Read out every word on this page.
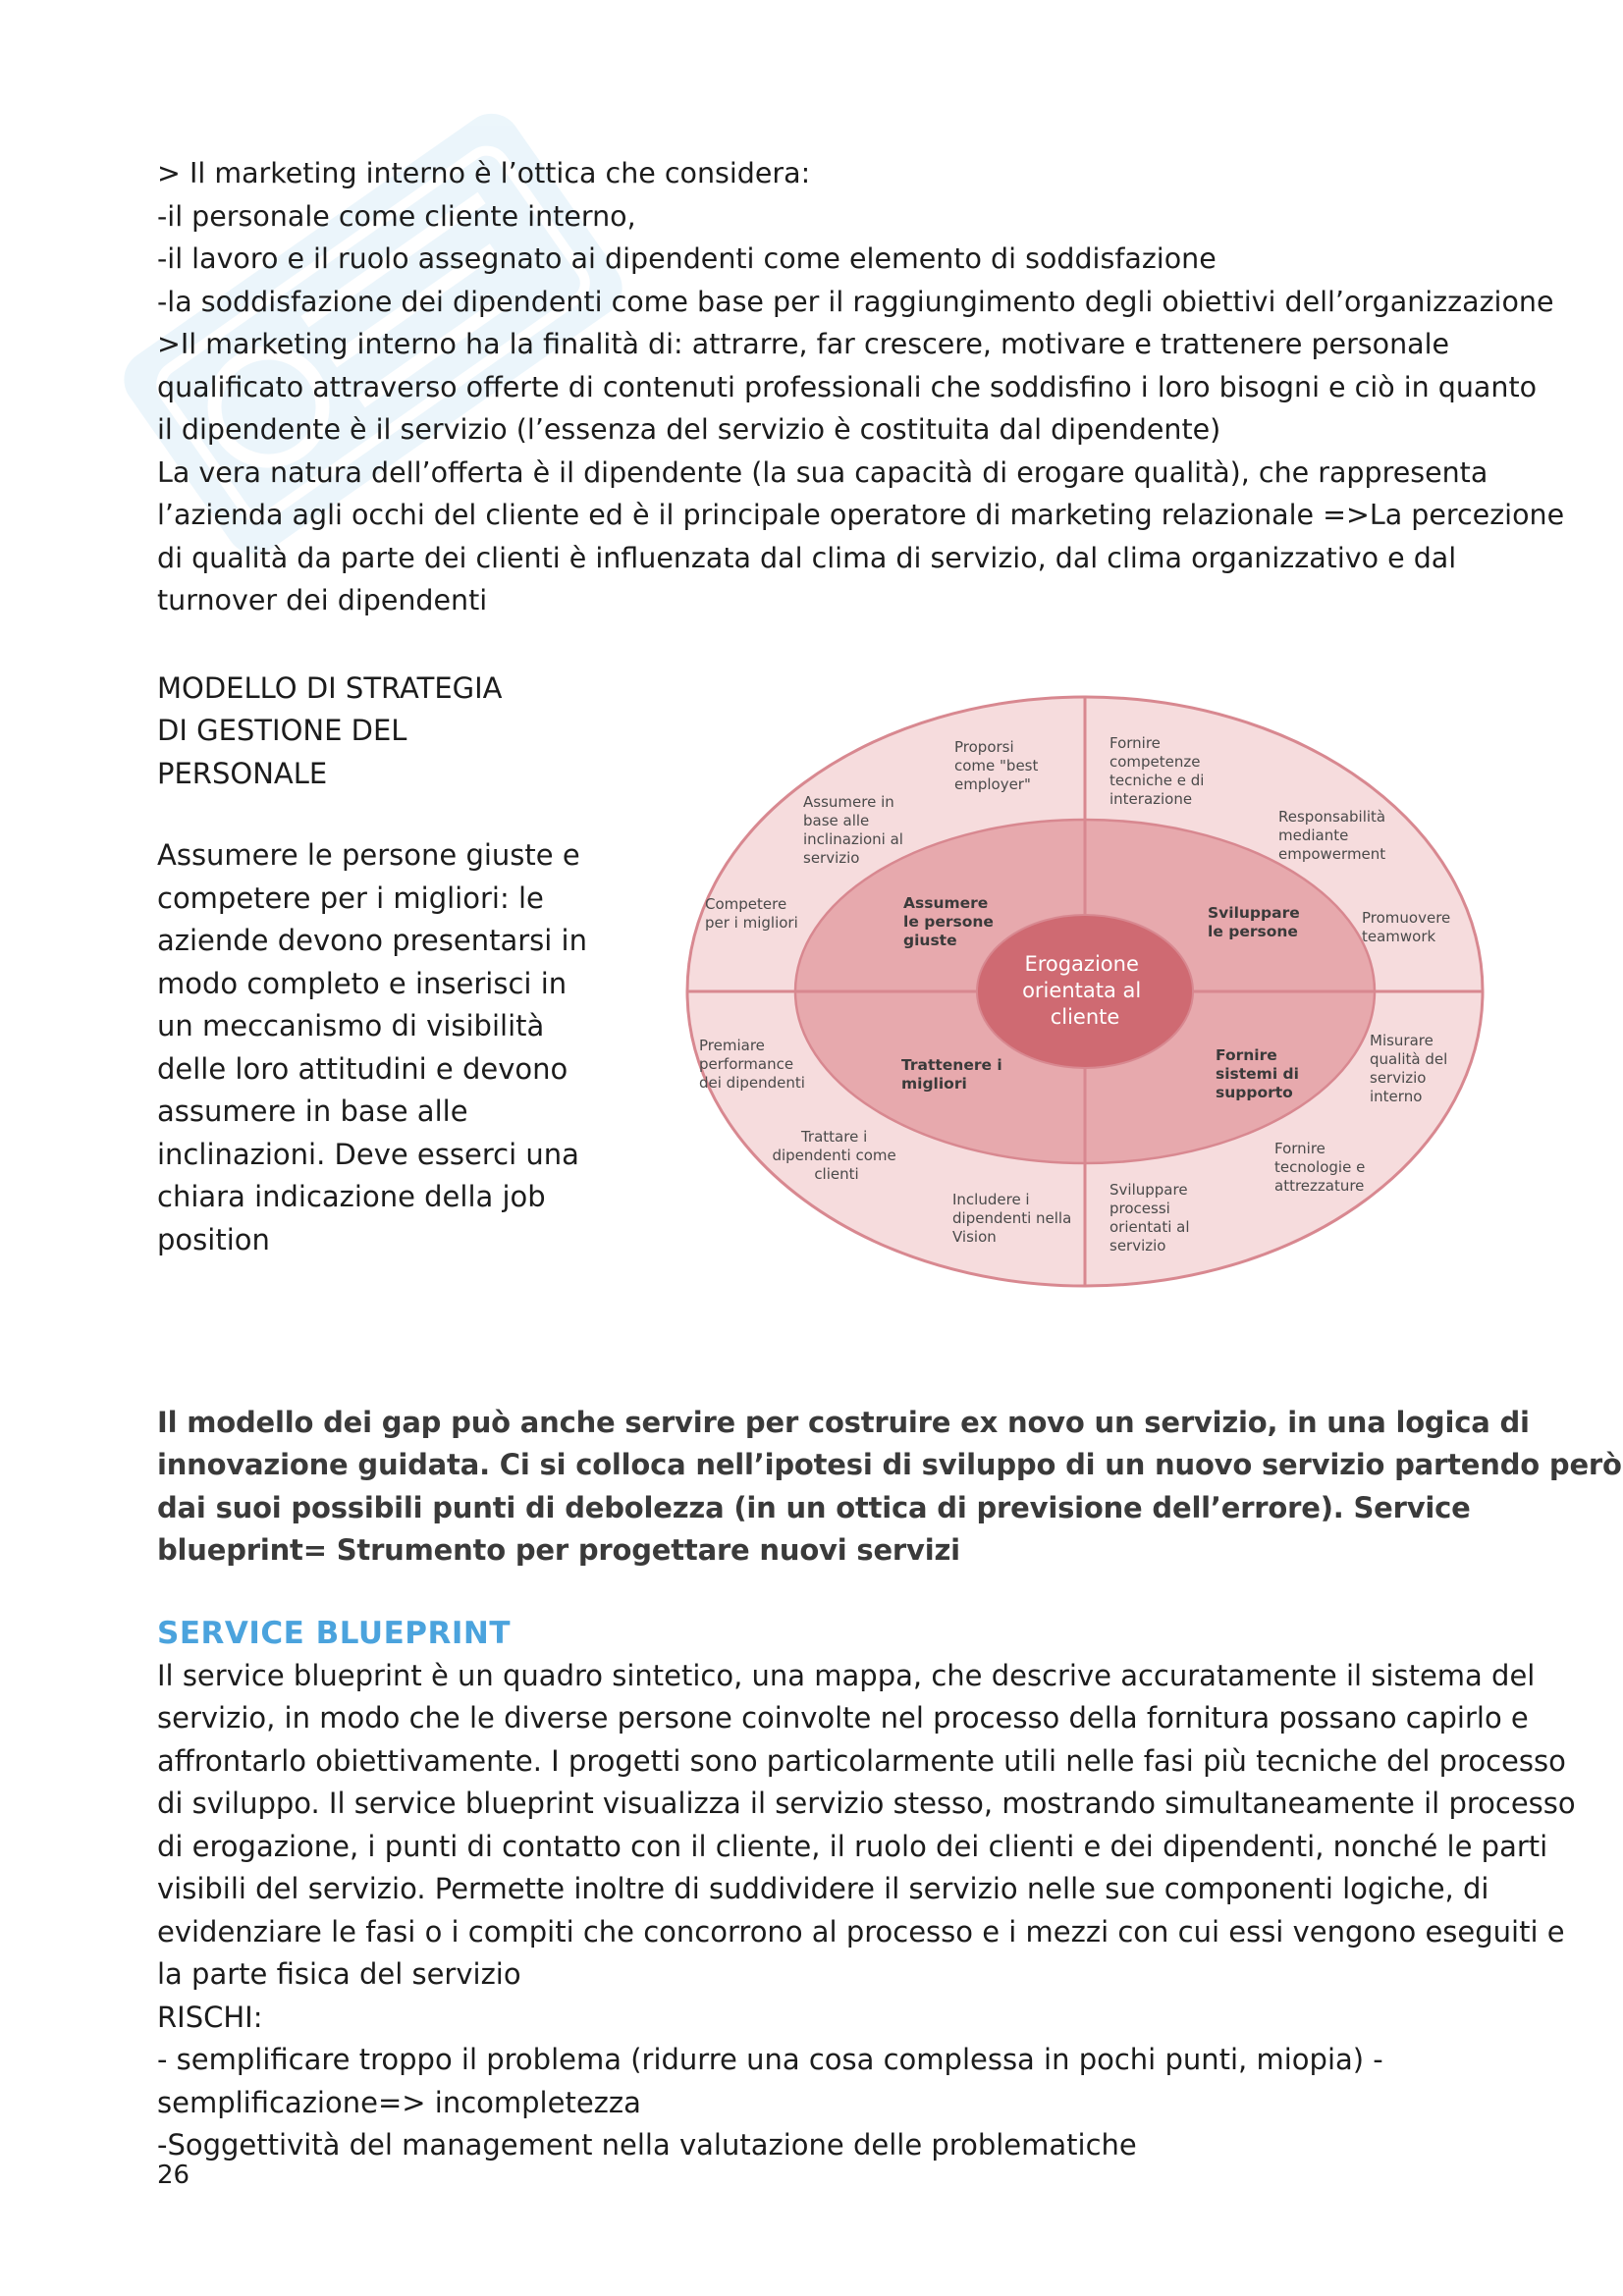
> Il marketing interno è l’ottica che considera:

-il personale come cliente interno,

-il lavoro e il ruolo assegnato ai dipendenti come elemento di soddisfazione

-la soddisfazione dei dipendenti come base per il raggiungimento degli obiettivi dell’organizzazione

>Il marketing interno ha la finalità di: attrarre, far crescere, motivare e trattenere personale

qualificato attraverso offerte di contenuti professionali che soddisfino i loro bisogni e ciò in quanto

il dipendente è il servizio (l’essenza del servizio è costituita dal dipendente)

La vera natura dell’offerta è il dipendente (la sua capacità di erogare qualità), che rappresenta

l’azienda agli occhi del cliente ed è il principale operatore di marketing relazionale =>La percezione

di qualità da parte dei clienti è influenzata dal clima di servizio, dal clima organizzativo e dal

turnover dei dipendenti

MODELLO DI STRATEGIA

DI GESTIONE DEL

PERSONALE

Assumere le persone giuste e

competere per i migliori: le

aziende devono presentarsi in

modo completo e inserisci in

un meccanismo di visibilità

delle loro attitudini e devono

assumere in base alle

inclinazioni. Deve esserci una

chiara indicazione della job

position

Erogazione orientata al cliente
Assumere le persone giuste
Sviluppare le persone
Trattenere i migliori
Fornire sistemi di supporto
Proporsi come "best employer"
Assumere in base alle inclinazioni al servizio
Competere per i migliori
Fornire competenze tecniche e di interazione
Responsabilità mediante empowerment
Promuovere teamwork
Premiare performance dei dipendenti
Trattare i dipendenti come clienti
Includere i dipendenti nella Vision
Misurare qualità del servizio interno
Fornire tecnologie e attrezzature
Sviluppare processi orientati al servizio

Il modello dei gap può anche servire per costruire ex novo un servizio, in una logica di

innovazione guidata. Ci si colloca nell’ipotesi di sviluppo di un nuovo servizio partendo però

dai suoi possibili punti di debolezza (in un ottica di previsione dell’errore). Service

blueprint= Strumento per progettare nuovi servizi

SERVICE BLUEPRINT

Il service blueprint è un quadro sintetico, una mappa, che descrive accuratamente il sistema del

servizio, in modo che le diverse persone coinvolte nel processo della fornitura possano capirlo e

affrontarlo obiettivamente. I progetti sono particolarmente utili nelle fasi più tecniche del processo

di sviluppo. Il service blueprint visualizza il servizio stesso, mostrando simultaneamente il processo

di erogazione, i punti di contatto con il cliente, il ruolo dei clienti e dei dipendenti, nonché le parti

visibili del servizio. Permette inoltre di suddividere il servizio nelle sue componenti logiche, di

evidenziare le fasi o i compiti che concorrono al processo e i mezzi con cui essi vengono eseguiti e

la parte fisica del servizio

RISCHI:

- semplificare troppo il problema (ridurre una cosa complessa in pochi punti, miopia) -

semplificazione=> incompletezza

-Soggettività del management nella valutazione delle problematiche

26
